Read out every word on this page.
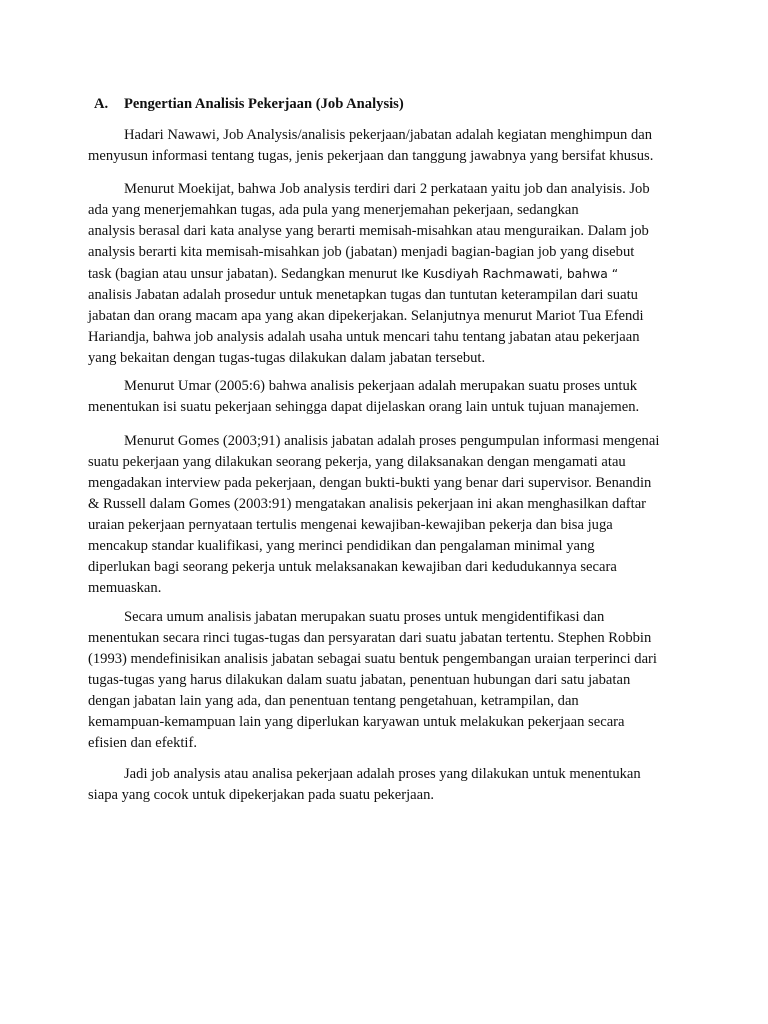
A. Pengertian Analisis Pekerjaan (Job Analysis)
Hadari Nawawi, Job Analysis/analisis pekerjaan/jabatan adalah kegiatan menghimpun dan
menyusun informasi tentang tugas, jenis pekerjaan dan tanggung jawabnya yang bersifat khusus.
Menurut Moekijat, bahwa Job analysis terdiri dari 2 perkataan yaitu job dan analyisis. Job
ada yang menerjemahkan tugas, ada pula yang menerjemahan pekerjaan, sedangkan
analysis berasal dari kata analyse yang berarti memisah-misahkan atau menguraikan. Dalam job
analysis berarti kita memisah-misahkan job (jabatan) menjadi bagian-bagian job yang disebut
task (bagian atau unsur jabatan). Sedangkan menurut Ike Kusdiyah Rachmawati, bahwa “
analisis Jabatan adalah prosedur untuk menetapkan tugas dan tuntutan keterampilan dari suatu
jabatan dan orang macam apa yang akan dipekerjakan. Selanjutnya menurut Mariot Tua Efendi
Hariandja, bahwa job analysis adalah usaha untuk mencari tahu tentang jabatan atau pekerjaan
yang bekaitan dengan tugas-tugas dilakukan dalam jabatan tersebut.
Menurut Umar (2005:6) bahwa analisis pekerjaan adalah merupakan suatu proses untuk
menentukan isi suatu pekerjaan sehingga dapat dijelaskan orang lain untuk tujuan manajemen.
Menurut Gomes (2003;91) analisis jabatan adalah proses pengumpulan informasi mengenai
suatu pekerjaan yang dilakukan seorang pekerja, yang dilaksanakan dengan mengamati atau
mengadakan interview pada pekerjaan, dengan bukti-bukti yang benar dari supervisor. Benandin
& Russell dalam Gomes (2003:91) mengatakan analisis pekerjaan ini akan menghasilkan daftar
uraian pekerjaan pernyataan tertulis mengenai kewajiban-kewajiban pekerja dan bisa juga
mencakup standar kualifikasi, yang merinci pendidikan dan pengalaman minimal yang
diperlukan bagi seorang pekerja untuk melaksanakan kewajiban dari kedudukannya secara
memuaskan.
Secara umum analisis jabatan merupakan suatu proses untuk mengidentifikasi dan
menentukan secara rinci tugas-tugas dan persyaratan dari suatu jabatan tertentu. Stephen Robbin
(1993) mendefinisikan analisis jabatan sebagai suatu bentuk pengembangan uraian terperinci dari
tugas-tugas yang harus dilakukan dalam suatu jabatan, penentuan hubungan dari satu jabatan
dengan jabatan lain yang ada, dan penentuan tentang pengetahuan, ketrampilan, dan
kemampuan-kemampuan lain yang diperlukan karyawan untuk melakukan pekerjaan secara
efisien dan efektif.
Jadi job analysis atau analisa pekerjaan adalah proses yang dilakukan untuk menentukan
siapa yang cocok untuk dipekerjakan pada suatu pekerjaan.
